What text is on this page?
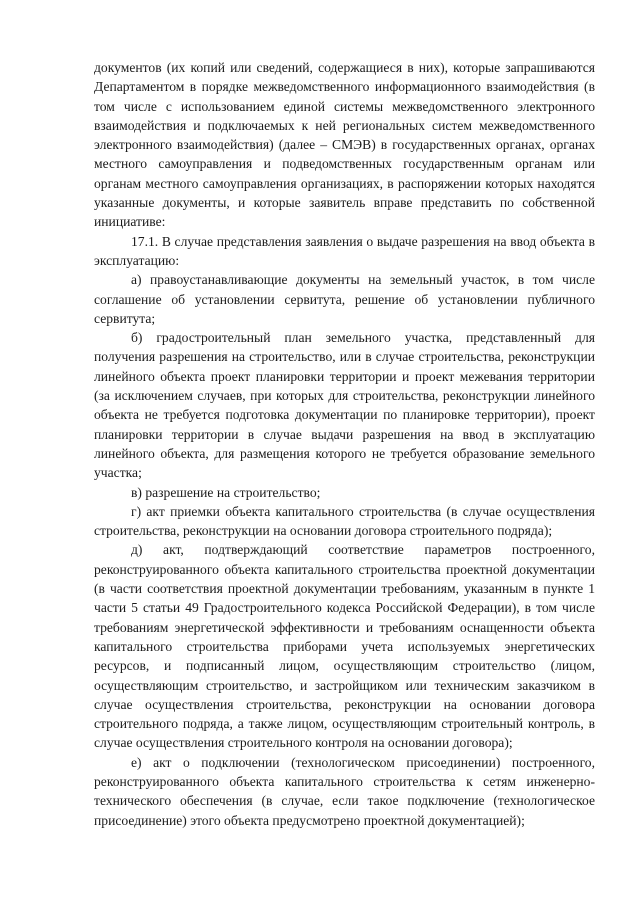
документов (их копий или сведений, содержащиеся в них), которые запрашиваются Департаментом в порядке межведомственного информационного взаимодействия (в том числе с использованием единой системы межведомственного электронного взаимодействия и подключаемых к ней региональных систем межведомственного электронного взаимодействия) (далее – СМЭВ) в государственных органах, органах местного самоуправления и подведомственных государственным органам или органам местного самоуправления организациях, в распоряжении которых находятся указанные документы, и которые заявитель вправе представить по собственной инициативе:

17.1. В случае представления заявления о выдаче разрешения на ввод объекта в эксплуатацию:

а) правоустанавливающие документы на земельный участок, в том числе соглашение об установлении сервитута, решение об установлении публичного сервитута;

б) градостроительный план земельного участка, представленный для получения разрешения на строительство, или в случае строительства, реконструкции линейного объекта проект планировки территории и проект межевания территории (за исключением случаев, при которых для строительства, реконструкции линейного объекта не требуется подготовка документации по планировке территории), проект планировки территории в случае выдачи разрешения на ввод в эксплуатацию линейного объекта, для размещения которого не требуется образование земельного участка;

в) разрешение на строительство;

г) акт приемки объекта капитального строительства (в случае осуществления строительства, реконструкции на основании договора строительного подряда);

д) акт, подтверждающий соответствие параметров построенного, реконструированного объекта капитального строительства проектной документации (в части соответствия проектной документации требованиям, указанным в пункте 1 части 5 статьи 49 Градостроительного кодекса Российской Федерации), в том числе требованиям энергетической эффективности и требованиям оснащенности объекта капитального строительства приборами учета используемых энергетических ресурсов, и подписанный лицом, осуществляющим строительство (лицом, осуществляющим строительство, и застройщиком или техническим заказчиком в случае осуществления строительства, реконструкции на основании договора строительного подряда, а также лицом, осуществляющим строительный контроль, в случае осуществления строительного контроля на основании договора);

е) акт о подключении (технологическом присоединении) построенного, реконструированного объекта капитального строительства к сетям инженерно-технического обеспечения (в случае, если такое подключение (технологическое присоединение) этого объекта предусмотрено проектной документацией);
